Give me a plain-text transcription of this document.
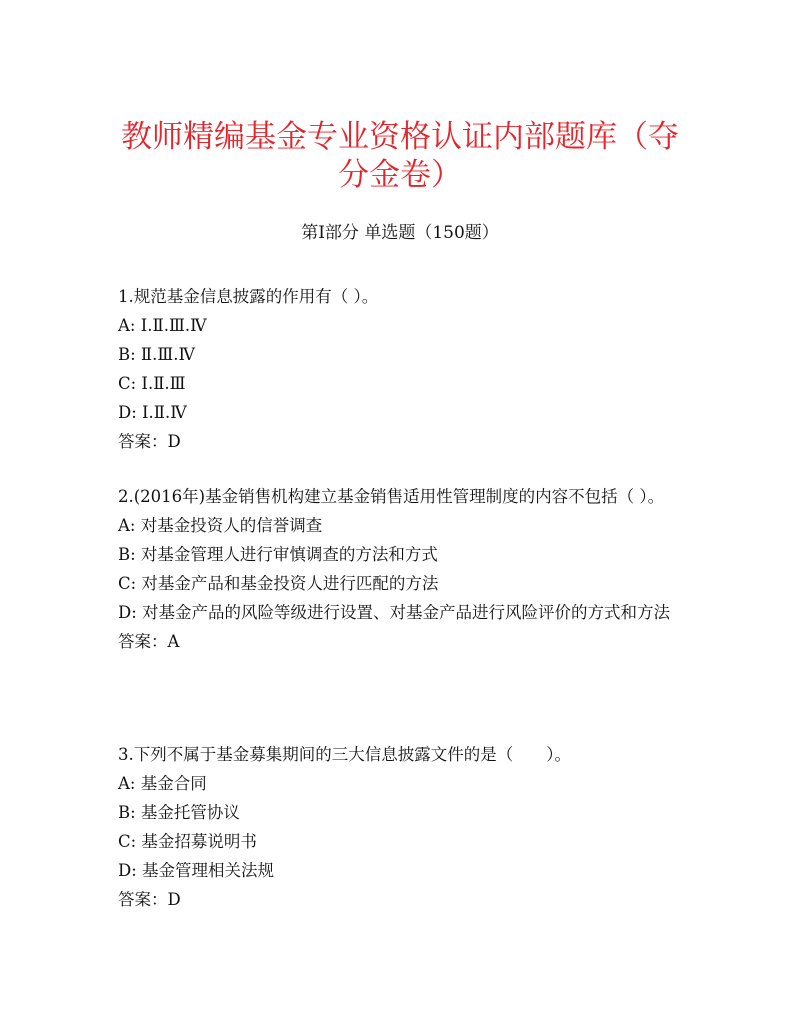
教师精编基金专业资格认证内部题库（夺分金卷）
第I部分 单选题（150题）
1.规范基金信息披露的作用有（ ）。
A: Ⅰ.Ⅱ.Ⅲ.Ⅳ
B: Ⅱ.Ⅲ.Ⅳ
C: Ⅰ.Ⅱ.Ⅲ
D: Ⅰ.Ⅱ.Ⅳ
答案：D
2.(2016年)基金销售机构建立基金销售适用性管理制度的内容不包括（ ）。
A: 对基金投资人的信誉调查
B: 对基金管理人进行审慎调查的方法和方式
C: 对基金产品和基金投资人进行匹配的方法
D: 对基金产品的风险等级进行设置、对基金产品进行风险评价的方式和方法
答案：A
3.下列不属于基金募集期间的三大信息披露文件的是（　　）。
A: 基金合同
B: 基金托管协议
C: 基金招募说明书
D: 基金管理相关法规
答案：D
